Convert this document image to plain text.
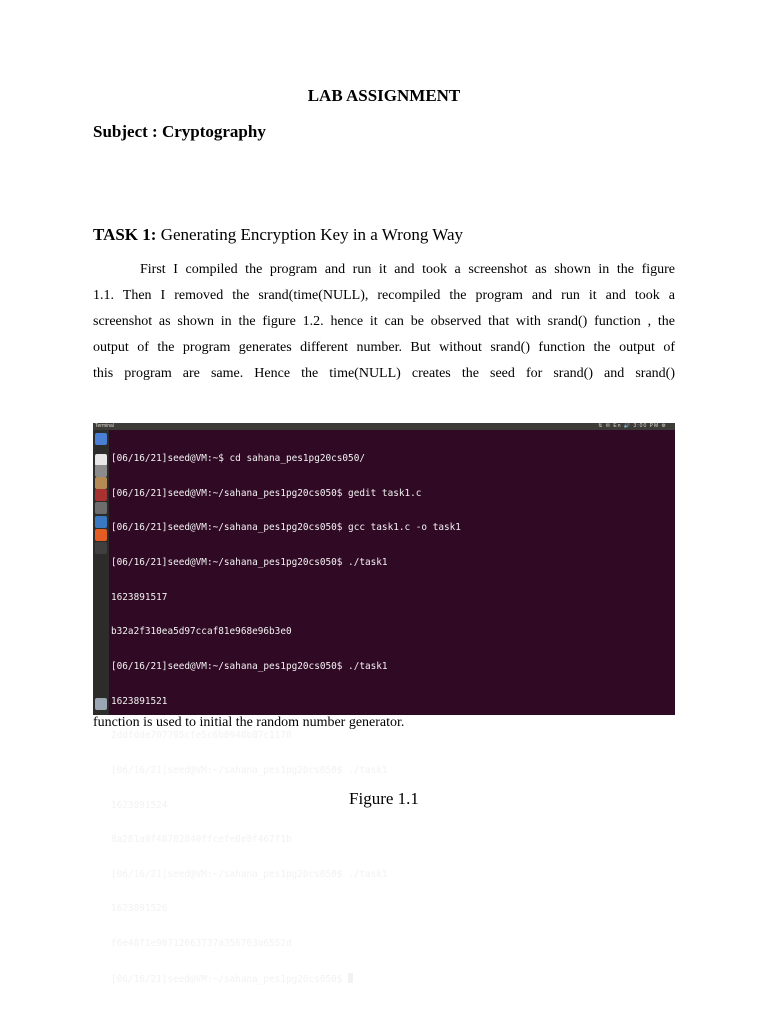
LAB ASSIGNMENT
Subject : Cryptography
TASK 1: Generating Encryption Key in a Wrong Way
First I compiled the program and run it and took a screenshot as shown in the figure
1.1. Then I removed the srand(time(NULL), recompiled the program and run it and took a
screenshot as shown in the figure 1.2. hence it can be observed that with srand() function , the
output of the program generates different number. But without srand() function the output of
this program are same. Hence the time(NULL) creates the seed for srand() and srand()
Terminal	⇅ ✉ En 🔊 3:00 PM ⚙

[06/16/21]seed@VM:~$ cd sahana_pes1pg20cs050/

[06/16/21]seed@VM:~/sahana_pes1pg20cs050$ gedit task1.c

[06/16/21]seed@VM:~/sahana_pes1pg20cs050$ gcc task1.c -o task1

[06/16/21]seed@VM:~/sahana_pes1pg20cs050$ ./task1

1623891517

b32a2f310ea5d97ccaf81e968e96b3e0

[06/16/21]seed@VM:~/sahana_pes1pg20cs050$ ./task1

1623891521

2ddfdde707795cfe5c6b0948b87c1178

[06/16/21]seed@VM:~/sahana_pes1pg20cs050$ ./task1

1623891524

8a281a9f48782840ffcefe0e8f467f1b

[06/16/21]seed@VM:~/sahana_pes1pg20cs050$ ./task1

1623891526

f6e48f1e90712663737a356763a6552d

[06/16/21]seed@VM:~/sahana_pes1pg20cs050$

function is used to initial the random number generator.
Figure 1.1
